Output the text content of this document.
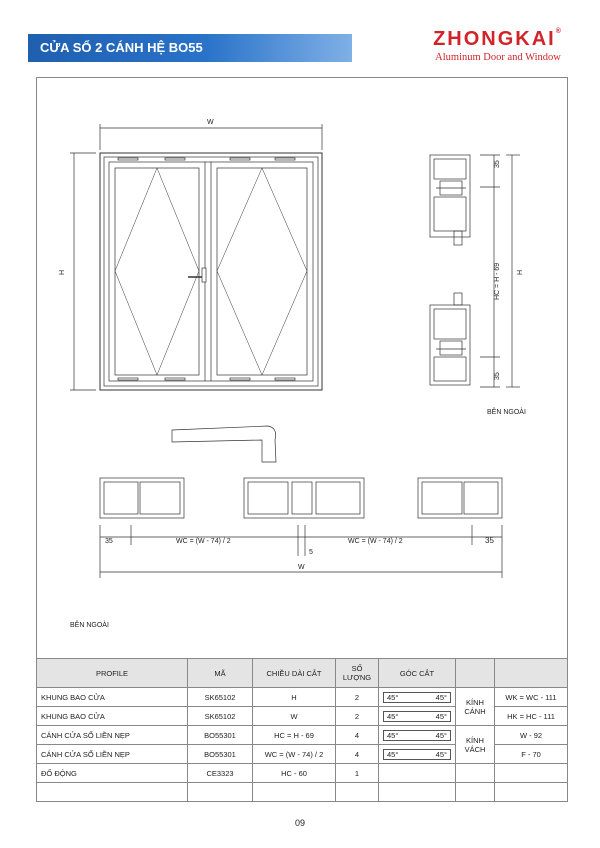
CỬA SỔ 2 CÁNH HỆ BO55	ZHONGKAI®
Aluminum Door and Window
W
H
35
HC = H - 69
35
H
BÊN NGOÀI
35	WC = (W - 74) / 2	WC = (W - 74) / 2	35
5
W
BÊN NGOÀI
PROFILE	MÃ	CHIỀU DÀI CẮT	SỐ LƯỢNG	GÓC CẮT		
KHUNG BAO CỬA	SK65102	H	2	45° 45°	KÍNH CÁNH	WK = WC - 111
KHUNG BAO CỬA	SK65102	W	2	45° 45°		HK = HC - 111
CÁNH CỬA SỔ LIỀN NẸP	BO55301	HC = H - 69	4	45° 45°	KÍNH VÁCH	W - 92
CÁNH CỬA SỔ LIỀN NẸP	BO55301	WC = (W - 74) / 2	4	45° 45°		F - 70
ĐỐ ĐỘNG	CE3323	HC - 60	1			

09
